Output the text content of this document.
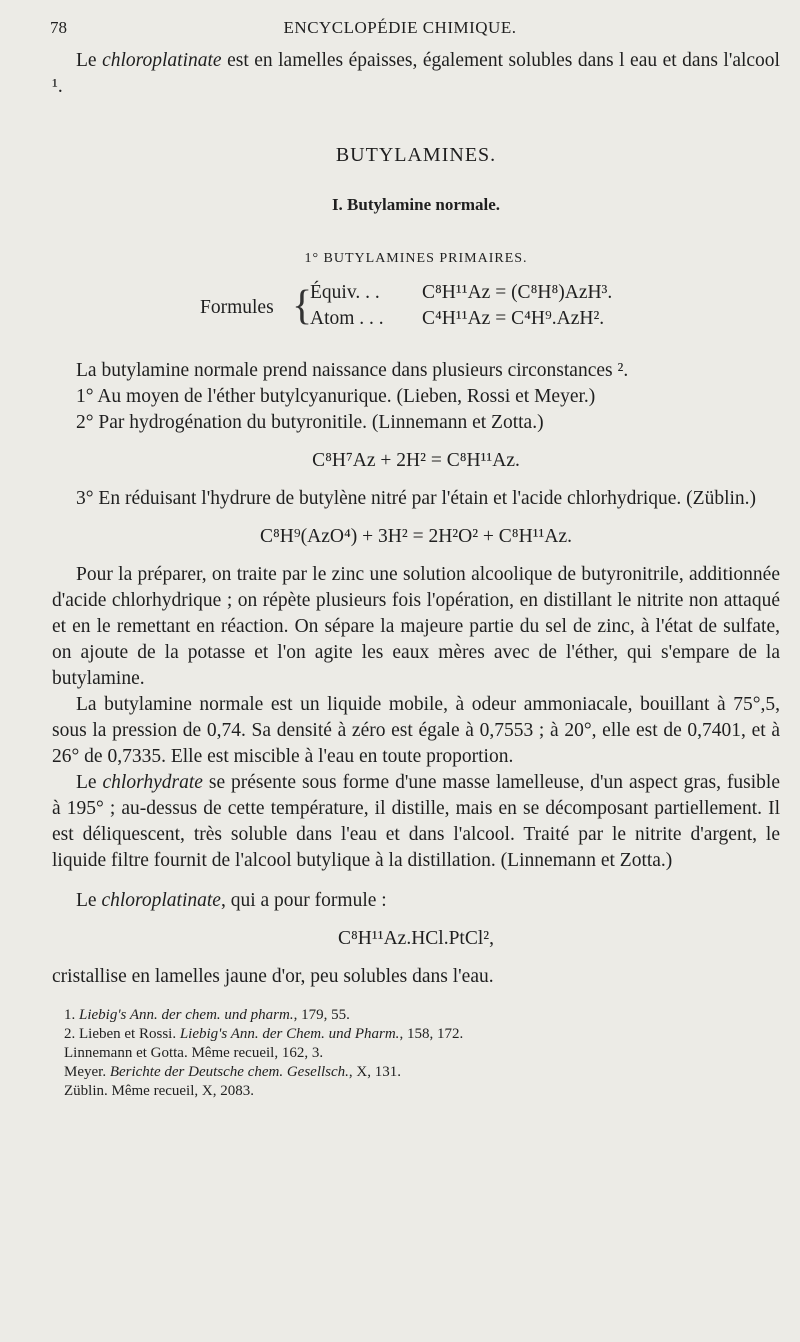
78	ENCYCLOPÉDIE CHIMIQUE.

Le chloroplatinate est en lamelles épaisses, également solubles dans l eau et dans l'alcool ¹.

BUTYLAMINES.
I. Butylamine normale.
1° BUTYLAMINES PRIMAIRES.
Formules {
Équiv. . . C⁸H¹¹Az = (C⁸H⁸)AzH³.
Atom . . . C⁴H¹¹Az = C⁴H⁹.AzH².

La butylamine normale prend naissance dans plusieurs circonstances ².

1° Au moyen de l'éther butylcyanurique. (Lieben, Rossi et Meyer.)

2° Par hydrogénation du butyronitile. (Linnemann et Zotta.)

C⁸H⁷Az + 2H² = C⁸H¹¹Az.

3° En réduisant l'hydrure de butylène nitré par l'étain et l'acide chlorhydrique. (Züblin.)

C⁸H⁹(AzO⁴) + 3H² = 2H²O² + C⁸H¹¹Az.

Pour la préparer, on traite par le zinc une solution alcoolique de butyronitrile, additionnée d'acide chlorhydrique ; on répète plusieurs fois l'opération, en distillant le nitrite non attaqué et en le remettant en réaction. On sépare la majeure partie du sel de zinc, à l'état de sulfate, on ajoute de la potasse et l'on agite les eaux mères avec de l'éther, qui s'empare de la butylamine.

La butylamine normale est un liquide mobile, à odeur ammoniacale, bouillant à 75°,5, sous la pression de 0,74. Sa densité à zéro est égale à 0,7553 ; à 20°, elle est de 0,7401, et à 26° de 0,7335. Elle est miscible à l'eau en toute proportion.

Le chlorhydrate se présente sous forme d'une masse lamelleuse, d'un aspect gras, fusible à 195° ; au-dessus de cette température, il distille, mais en se décomposant partiellement. Il est déliquescent, très soluble dans l'eau et dans l'alcool. Traité par le nitrite d'argent, le liquide filtre fournit de l'alcool butylique à la distillation. (Linnemann et Zotta.)

Le chloroplatinate, qui a pour formule :

C⁸H¹¹Az.HCl.PtCl²,

cristallise en lamelles jaune d'or, peu solubles dans l'eau.

1. Liebig's Ann. der chem. und pharm., 179, 55.
2. Lieben et Rossi. Liebig's Ann. der Chem. und Pharm., 158, 172.
Linnemann et Gotta. Même recueil, 162, 3.
Meyer. Berichte der Deutsche chem. Gesellsch., X, 131.
Züblin. Même recueil, X, 2083.
